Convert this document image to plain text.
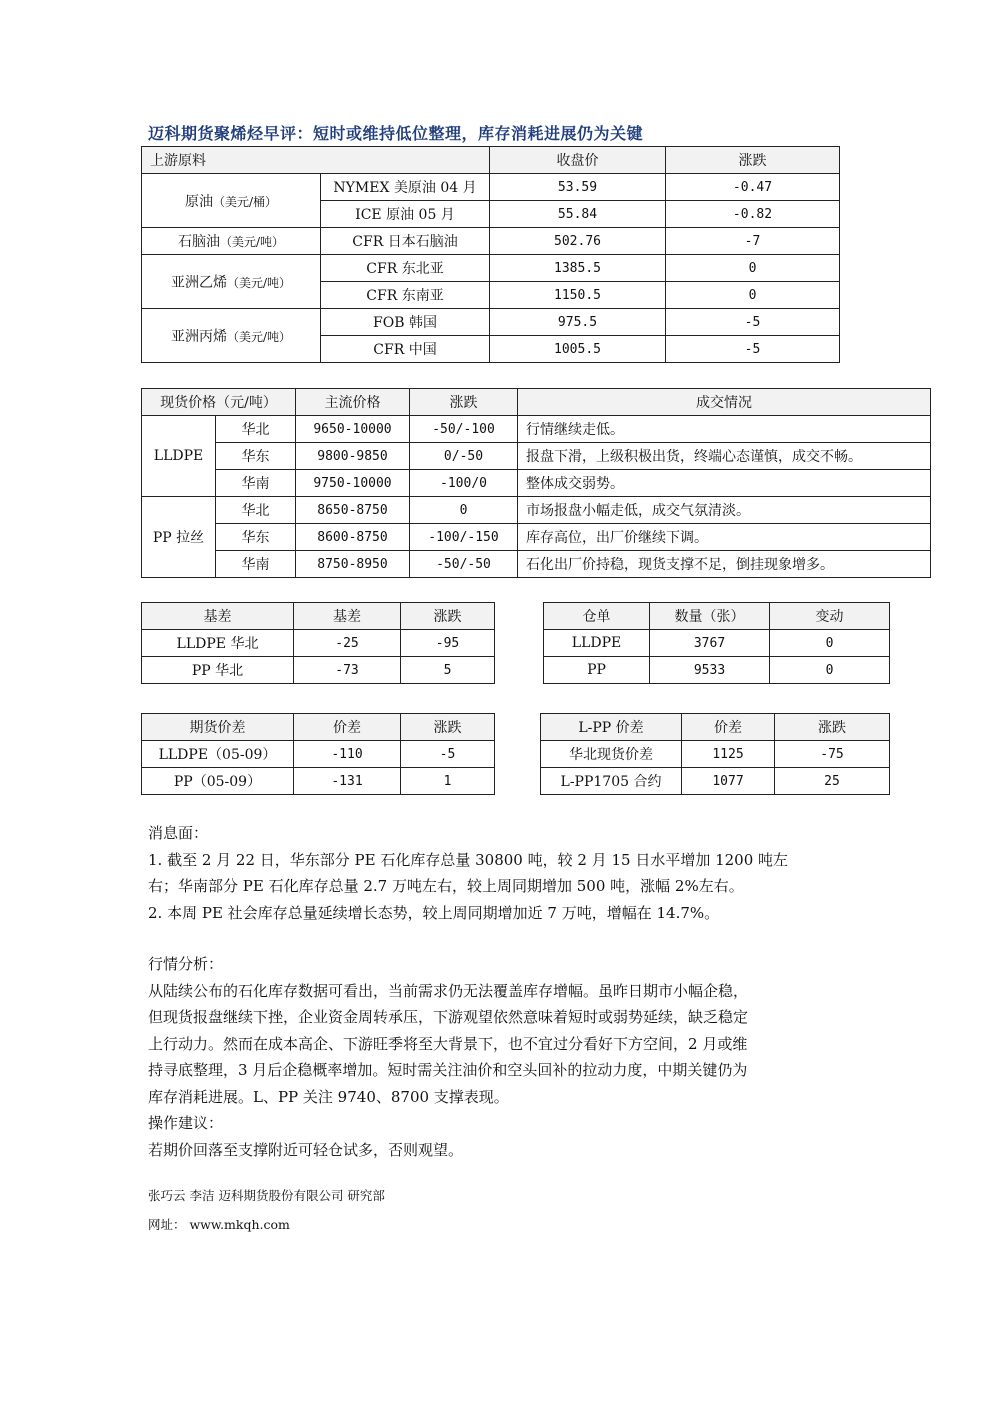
迈科期货聚烯烃早评：短时或维持低位整理，库存消耗进展仍为关键
上游原料		收盘价	涨跌
原油（美元/桶）	NYMEX 美原油 04 月	53.59	-0.47
	ICE 原油 05 月	55.84	-0.82
石脑油（美元/吨）	CFR 日本石脑油	502.76	-7
亚洲乙烯（美元/吨）	CFR 东北亚	1385.5	0
	CFR 东南亚	1150.5	0
亚洲丙烯（美元/吨）	FOB 韩国	975.5	-5
	CFR 中国	1005.5	-5
现货价格（元/吨）		主流价格	涨跌	成交情况
LLDPE	华北	9650-10000	-50/-100	行情继续走低。
	华东	9800-9850	0/-50	报盘下滑，上级积极出货，终端心态谨慎，成交不畅。
	华南	9750-10000	-100/0	整体成交弱势。
PP 拉丝	华北	8650-8750	0	市场报盘小幅走低，成交气氛清淡。
	华东	8600-8750	-100/-150	库存高位，出厂价继续下调。
	华南	8750-8950	-50/-50	石化出厂价持稳，现货支撑不足，倒挂现象增多。
基差	基差	涨跌
LLDPE 华北	-25	-95
PP 华北	-73	5
仓单	数量（张）	变动
LLDPE	3767	0
PP	9533	0
期货价差	价差	涨跌
LLDPE（05-09）	-110	-5
PP（05-09）	-131	1
L-PP 价差	价差	涨跌
华北现货价差	1125	-75
L-PP1705 合约	1077	25
消息面：
1. 截至 2 月 22 日，华东部分 PE 石化库存总量 30800 吨，较 2 月 15 日水平增加 1200 吨左
右；华南部分 PE 石化库存总量 2.7 万吨左右，较上周同期增加 500 吨，涨幅 2%左右。
2. 本周 PE 社会库存总量延续增长态势，较上周同期增加近 7 万吨，增幅在 14.7%。
行情分析：
从陆续公布的石化库存数据可看出，当前需求仍无法覆盖库存增幅。虽昨日期市小幅企稳，
但现货报盘继续下挫，企业资金周转承压，下游观望依然意味着短时或弱势延续，缺乏稳定
上行动力。然而在成本高企、下游旺季将至大背景下，也不宜过分看好下方空间，2 月或维
持寻底整理，3 月后企稳概率增加。短时需关注油价和空头回补的拉动力度，中期关键仍为
库存消耗进展。L、PP 关注 9740、8700 支撑表现。
操作建议：
若期价回落至支撑附近可轻仓试多，否则观望。
张巧云 李洁 迈科期货股份有限公司 研究部
网址： www.mkqh.com
